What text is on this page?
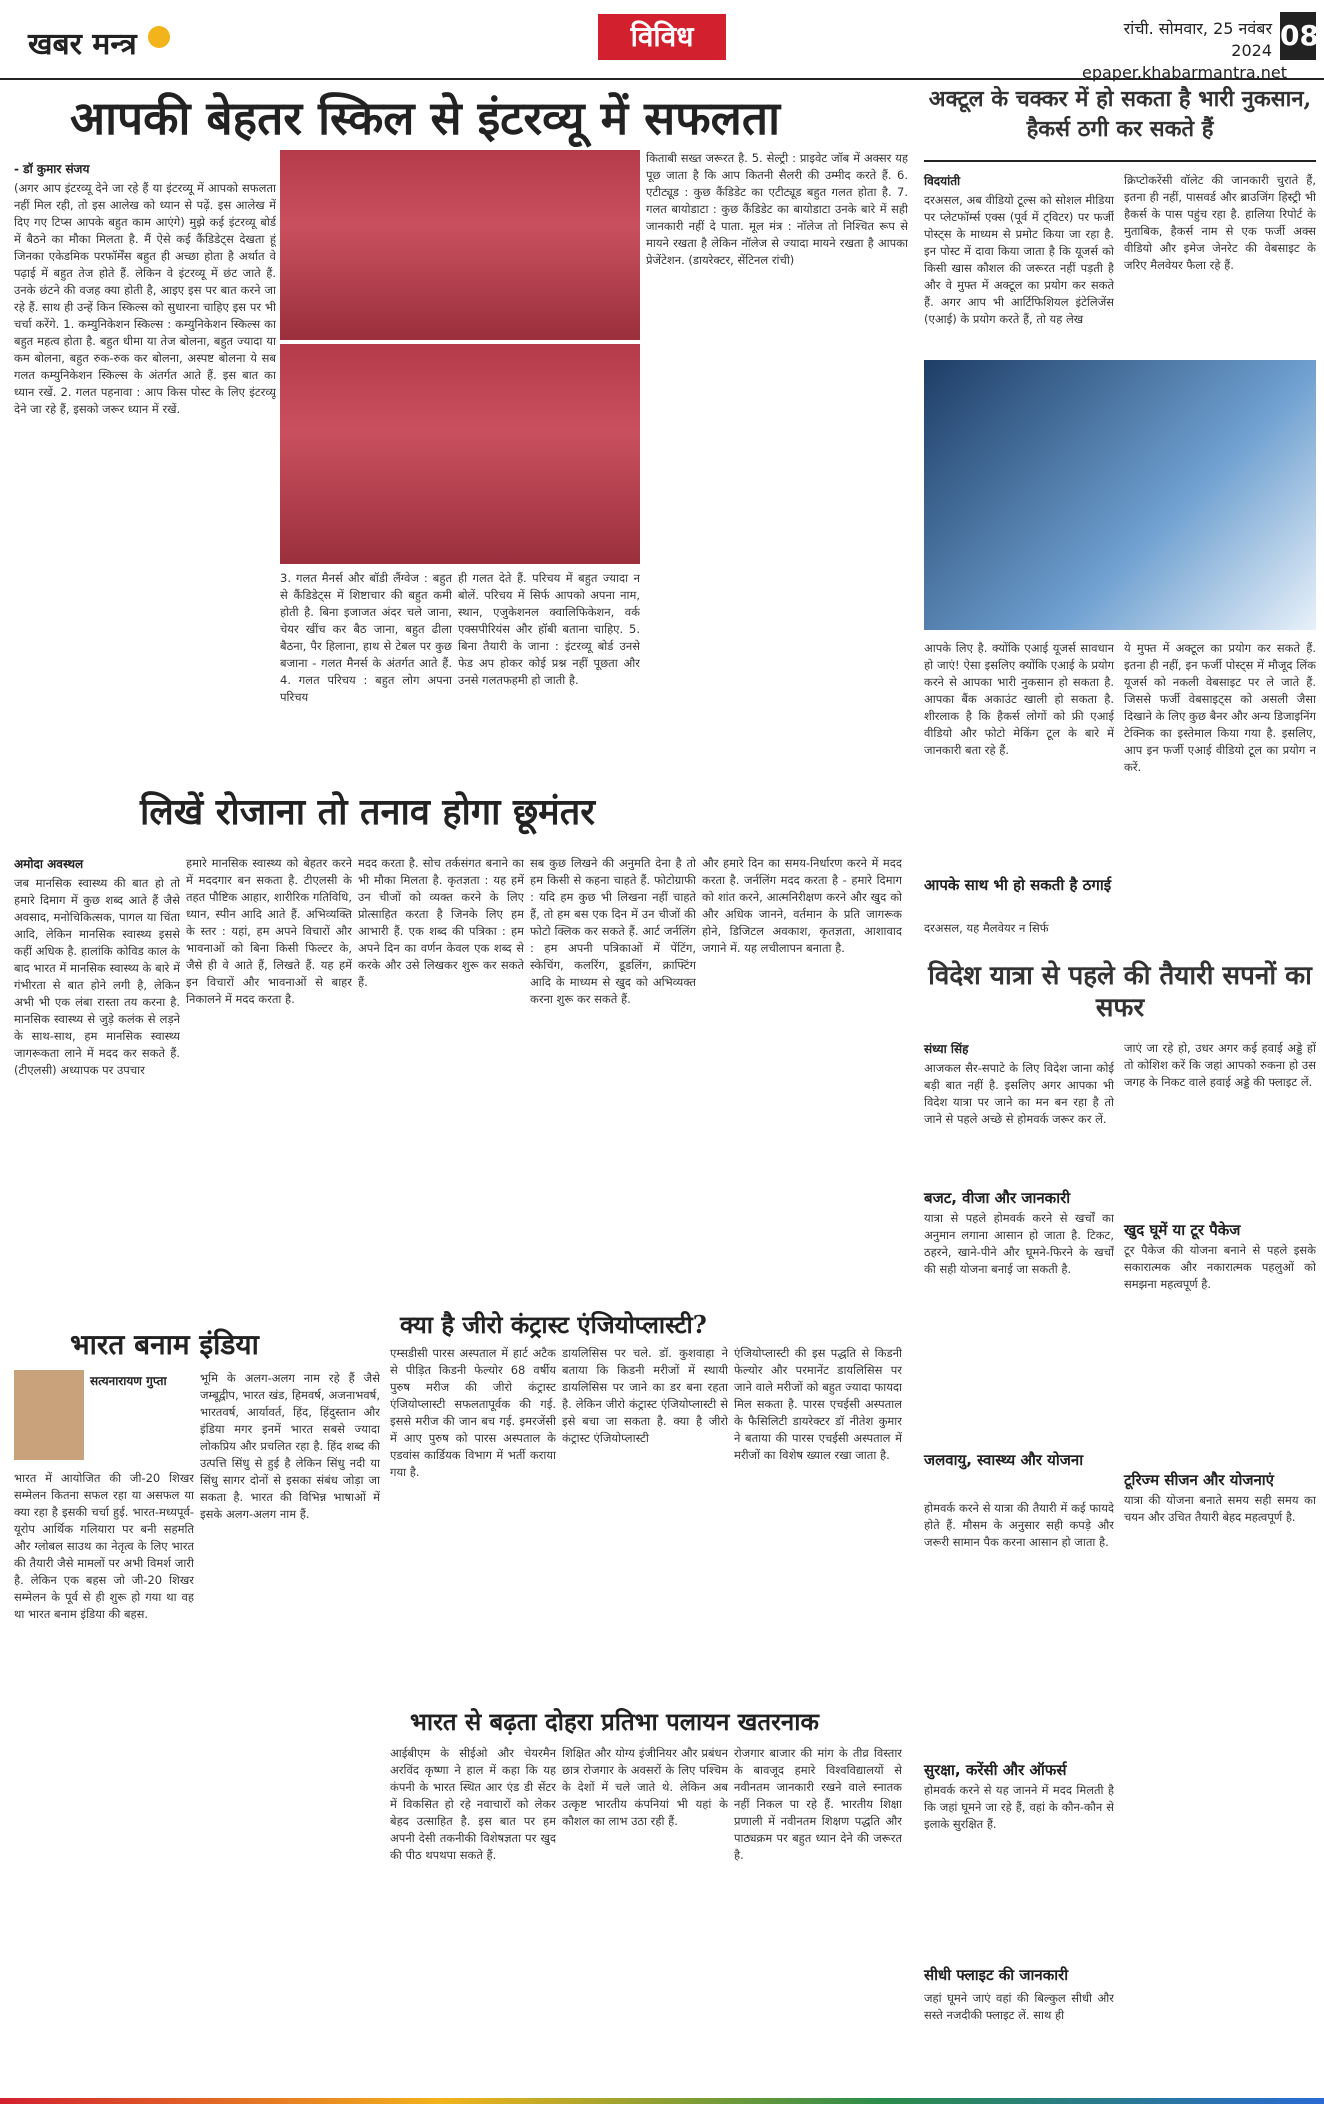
खबर मन्त्र	विविध	रांची. सोमवार, 25 नवंबर 2024
epaper.khabarmantra.net
08
आपकी बेहतर स्किल से इंटरव्यू में सफलता
- डॉ कुमार संजय
(अगर आप इंटरव्यू देने जा रहे हैं या इंटरव्यू में आपको सफलता नहीं मिल रही, तो इस आलेख को ध्यान से पढ़ें. इस आलेख में दिए गए टिप्स आपके बहुत काम आएंगे) मुझे कई इंटरव्यू बोर्ड में बैठने का मौका मिलता है. मैं ऐसे कई कैंडिडेट्स देखता हूं जिनका एकेडमिक परफॉर्मेंस बहुत ही अच्छा होता है अर्थात वे पढ़ाई में बहुत तेज होते हैं. लेकिन वे इंटरव्यू में छंट जाते हैं. उनके छंटने की वजह क्या होती है, आइए इस पर बात करने जा रहे हैं. साथ ही उन्हें किन स्किल्स को सुधारना चाहिए इस पर भी चर्चा करेंगे. 1. कम्युनिकेशन स्किल्स : कम्युनिकेशन स्किल्स का बहुत महत्व होता है. बहुत धीमा या तेज बोलना, बहुत ज्यादा या कम बोलना, बहुत रुक-रुक कर बोलना, अस्पष्ट बोलना ये सब गलत कम्युनिकेशन स्किल्स के अंतर्गत आते हैं. इस बात का ध्यान रखें. 2. गलत पहनावा : आप किस पोस्ट के लिए इंटरव्यू देने जा रहे हैं, इसको जरूर ध्यान में रखें.
3. गलत मैनर्स और बॉडी लैंग्वेज : बहुत से कैंडिडेट्स में शिष्टाचार की बहुत कमी होती है. बिना इजाजत अंदर चले जाना, चेयर खींच कर बैठ जाना, बहुत ढीला बैठना, पैर हिलाना, हाथ से टेबल पर कुछ बजाना - गलत मैनर्स के अंतर्गत आते हैं. 4. गलत परिचय : बहुत लोग अपना परिचय
ही गलत देते हैं. परिचय में बहुत ज्यादा न बोलें. परिचय में सिर्फ आपको अपना नाम, स्थान, एजुकेशनल क्वालिफिकेशन, वर्क एक्सपीरियंस और हॉबी बताना चाहिए. 5. बिना तैयारी के जाना : इंटरव्यू बोर्ड उनसे फेड अप होकर कोई प्रश्न नहीं पूछता और उनसे गलतफहमी हो जाती है.
किताबी सख्त जरूरत है. 5. सेल्ट्री : प्राइवेट जॉब में अक्सर यह पूछ जाता है कि आप कितनी सैलरी की उम्मीद करते हैं. 6. एटीट्यूड : कुछ कैंडिडेट का एटीट्यूड बहुत गलत होता है. 7. गलत बायोडाटा : कुछ कैंडिडेट का बायोडाटा उनके बारे में सही जानकारी नहीं दे पाता. मूल मंत्र : नॉलेज तो निश्चित रूप से मायने रखता है लेकिन नॉलेज से ज्यादा मायने रखता है आपका प्रेजेंटेशन. (डायरेक्टर, सेंटिनल रांची)
अक्टूल के चक्कर में हो सकता है भारी नुकसान, हैकर्स ठगी कर सकते हैं
विदयांती
दरअसल, अब वीडियो टूल्स को सोशल मीडिया पर प्लेटफॉर्म्स एक्स (पूर्व में ट्विटर) पर फर्जी पोस्ट्स के माध्यम से प्रमोट किया जा रहा है. इन पोस्ट में दावा किया जाता है कि यूजर्स को किसी खास कौशल की जरूरत नहीं पड़ती है और वे मुफ्त में अक्टूल का प्रयोग कर सकते हैं. अगर आप भी आर्टिफिशियल इंटेलिजेंस (एआई) के प्रयोग करते हैं, तो यह लेख
क्रिप्टोकरेंसी वॉलेट की जानकारी चुराते हैं, इतना ही नहीं, पासवर्ड और ब्राउजिंग हिस्ट्री भी हैकर्स के पास पहुंच रहा है. हालिया रिपोर्ट के मुताबिक, हैकर्स नाम से एक फर्जी अक्स वीडियो और इमेज जेनरेट की वेबसाइट के जरिए मैलवेयर फैला रहे हैं.
आपके लिए है. क्योंकि एआई यूजर्स सावधान हो जाएं! ऐसा इसलिए क्योंकि एआई के प्रयोग करने से आपका भारी नुकसान हो सकता है. आपका बैंक अकाउंट खाली हो सकता है. शीरलाक है कि हैकर्स लोगों को फ्री एआई वीडियो और फोटो मेकिंग टूल के बारे में जानकारी बता रहे हैं.
आपके साथ भी हो सकती है ठगाई
दरअसल, यह मैलवेयर न सिर्फ
ये मुफ्त में अक्टूल का प्रयोग कर सकते हैं. इतना ही नहीं, इन फर्जी पोस्ट्स में मौजूद लिंक यूजर्स को नकली वेबसाइट पर ले जाते हैं. जिससे फर्जी वेबसाइट्स को असली जैसा दिखाने के लिए कुछ बैनर और अन्य डिजाइनिंग टेक्निक का इस्तेमाल किया गया है. इसलिए, आप इन फर्जी एआई वीडियो टूल का प्रयोग न करें.
लिखें रोजाना तो तनाव होगा छूमंतर
अमोदा अवस्थल
जब मानसिक स्वास्थ्य की बात हो तो हमारे दिमाग में कुछ शब्द आते हैं जैसे अवसाद, मनोचिकित्सक, पागल या चिंता आदि, लेकिन मानसिक स्वास्थ्य इससे कहीं अधिक है. हालांकि कोविड काल के बाद भारत में मानसिक स्वास्थ्य के बारे में गंभीरता से बात होने लगी है, लेकिन अभी भी एक लंबा रास्ता तय करना है. मानसिक स्वास्थ्य से जुड़े कलंक से लड़ने के साथ-साथ, हम मानसिक स्वास्थ्य जागरूकता लाने में मदद कर सकते हैं. (टीएलसी) अध्यापक पर उपचार
हमारे मानसिक स्वास्थ्य को बेहतर करने में मददगार बन सकता है. टीएलसी के तहत पौष्टिक आहार, शारीरिक गतिविधि, ध्यान, स्पीन आदि आते हैं. अभिव्यक्ति के स्तर : यहां, हम अपने विचारों और भावनाओं को बिना किसी फिल्टर के, जैसे ही वे आते हैं, लिखते हैं. यह हमें इन विचारों और भावनाओं से बाहर निकालने में मदद करता है.
मदद करता है. सोच तर्कसंगत बनाने का भी मौका मिलता है. कृतज्ञता : यह हमें उन चीजों को व्यक्त करने के लिए प्रोत्साहित करता है जिनके लिए हम आभारी हैं. एक शब्द की पत्रिका : हम अपने दिन का वर्णन केवल एक शब्द से करके और उसे लिखकर शुरू कर सकते हैं.
सब कुछ लिखने की अनुमति देना है तो हम किसी से कहना चाहते हैं. फोटोग्राफी : यदि हम कुछ भी लिखना नहीं चाहते हैं, तो हम बस एक दिन में उन चीजों की फोटो क्लिक कर सकते हैं. आर्ट जर्नलिंग : हम अपनी पत्रिकाओं में पेंटिंग, स्केचिंग, कलरिंग, डूडलिंग, क्राफ्टिंग आदि के माध्यम से खुद को अभिव्यक्त करना शुरू कर सकते हैं.
और हमारे दिन का समय-निर्धारण करने में मदद करता है. जर्नलिंग मदद करता है - हमारे दिमाग को शांत करने, आत्मनिरीक्षण करने और खुद को और अधिक जानने, वर्तमान के प्रति जागरूक होने, डिजिटल अवकाश, कृतज्ञता, आशावाद जगाने में. यह लचीलापन बनाता है.
विदेश यात्रा से पहले की तैयारी सपनों का सफर
संध्या सिंह
आजकल सैर-सपाटे के लिए विदेश जाना कोई बड़ी बात नहीं है. इसलिए अगर आपका भी विदेश यात्रा पर जाने का मन बन रहा है तो जाने से पहले अच्छे से होमवर्क जरूर कर लें.
बजट, वीजा और जानकारी
यात्रा से पहले होमवर्क करने से खर्चों का अनुमान लगाना आसान हो जाता है. टिकट, ठहरने, खाने-पीने और घूमने-फिरने के खर्चों की सही योजना बनाई जा सकती है.
जाएं जा रहे हो, उधर अगर कई हवाई अड्डे हों तो कोशिश करें कि जहां आपको रुकना हो उस जगह के निकट वाले हवाई अड्डे की फ्लाइट लें.
खुद घूमें या टूर पैकेज
टूर पैकेज की योजना बनाने से पहले इसके सकारात्मक और नकारात्मक पहलुओं को समझना महत्वपूर्ण है.
जलवायु, स्वास्थ्य और योजना
होमवर्क करने से यात्रा की तैयारी में कई फायदे होते हैं. मौसम के अनुसार सही कपड़े और जरूरी सामान पैक करना आसान हो जाता है.
टूरिज्म सीजन और योजनाएं
यात्रा की योजना बनाते समय सही समय का चयन और उचित तैयारी बेहद महत्वपूर्ण है.
सुरक्षा, करेंसी और ऑफर्स
होमवर्क करने से यह जानने में मदद मिलती है कि जहां घूमने जा रहे हैं, वहां के कौन-कौन से इलाके सुरक्षित हैं.
सीधी फ्लाइट की जानकारी
जहां घूमने जाएं वहां की बिल्कुल सीधी और सस्ते नजदीकी फ्लाइट लें. साथ ही
क्या है जीरो कंट्रास्ट एंजियोप्लास्टी?
एम्सडीसी पारस अस्पताल में हार्ट अटैक से पीड़ित किडनी फेल्योर 68 वर्षीय पुरुष मरीज की जीरो कंट्रास्ट एंजियोप्लास्टी सफलतापूर्वक की गई. इससे मरीज की जान बच गई. इमरजेंसी में आए पुरुष को पारस अस्पताल के एडवांस कार्डियक विभाग में भर्ती कराया गया है.
डायलिसिस पर चले. डॉ. कुशवाहा ने बताया कि किडनी मरीजों में स्थायी डायलिसिस पर जाने का डर बना रहता है. लेकिन जीरो कंट्रास्ट एंजियोप्लास्टी से इसे बचा जा सकता है. क्या है जीरो कंट्रास्ट एंजियोप्लास्टी
एंजियोप्लास्टी की इस पद्धति से किडनी फेल्योर और परमानेंट डायलिसिस पर जाने वाले मरीजों को बहुत ज्यादा फायदा मिल सकता है. पारस एचईसी अस्पताल के फैसिलिटी डायरेक्टर डॉ नीतेश कुमार ने बताया की पारस एचईसी अस्पताल में मरीजों का विशेष ख्याल रखा जाता है.
भारत बनाम इंडिया
सत्यनारायण गुप्ता
भारत में आयोजित की जी-20 शिखर सम्मेलन कितना सफल रहा या असफल या क्या रहा है इसकी चर्चा हुई. भारत-मध्यपूर्व-यूरोप आर्थिक गलियारा पर बनी सहमति और ग्लोबल साउथ का नेतृत्व के लिए भारत की तैयारी जैसे मामलों पर अभी विमर्श जारी है. लेकिन एक बहस जो जी-20 शिखर सम्मेलन के पूर्व से ही शुरू हो गया था वह था भारत बनाम इंडिया की बहस.
भूमि के अलग-अलग नाम रहे हैं जैसे जम्बूद्वीप, भारत खंड, हिमवर्ष, अजनाभवर्ष, भारतवर्ष, आर्यावर्त, हिंद, हिंदुस्तान और इंडिया मगर इनमें भारत सबसे ज्यादा लोकप्रिय और प्रचलित रहा है. हिंद शब्द की उत्पत्ति सिंधु से हुई है लेकिन सिंधु नदी या सिंधु सागर दोनों से इसका संबंध जोड़ा जा सकता है. भारत की विभिन्न भाषाओं में इसके अलग-अलग नाम हैं.
भारत से बढ़ता दोहरा प्रतिभा पलायन खतरनाक
आईबीएम के सीईओ और चेयरमैन अरविंद कृष्णा ने हाल में कहा कि यह कंपनी के भारत स्थित आर एंड डी सेंटर में विकसित हो रहे नवाचारों को लेकर बेहद उत्साहित है. इस बात पर हम अपनी देसी तकनीकी विशेषज्ञता पर खुद की पीठ थपथपा सकते हैं.
शिक्षित और योग्य इंजीनियर और प्रबंधन छात्र रोजगार के अवसरों के लिए पश्चिम के देशों में चले जाते थे. लेकिन अब उत्कृष्ट भारतीय कंपनियां भी यहां के कौशल का लाभ उठा रही हैं.
रोजगार बाजार की मांग के तीव्र विस्तार के बावजूद हमारे विश्वविद्यालयों से नवीनतम जानकारी रखने वाले स्नातक नहीं निकल पा रहे हैं. भारतीय शिक्षा प्रणाली में नवीनतम शिक्षण पद्धति और पाठ्यक्रम पर बहुत ध्यान देने की जरूरत है.
